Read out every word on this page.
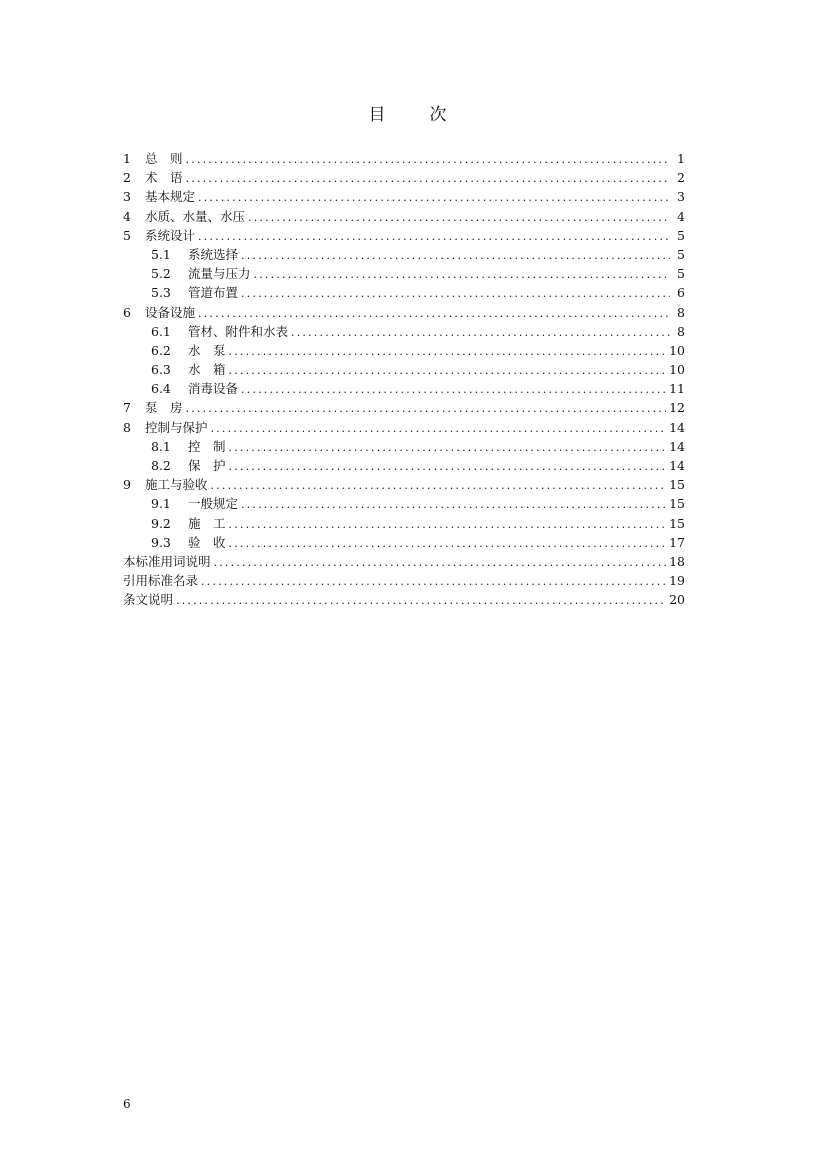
目	次
1	总　则 .....	1
2	术　语 .....	2
3	基本规定 .....	3
4	水质、水量、水压 .....	4
5	系统设计 .....	5
5.1	系统选择 .....	5
5.2	流量与压力 .....	5
5.3	管道布置 .....	6
6	设备设施 .....	8
6.1	管材、附件和水表 .....	8
6.2	水　泵 .....	10
6.3	水　箱 .....	10
6.4	消毒设备 .....	11
7	泵　房 .....	12
8	控制与保护 .....	14
8.1	控　制 .....	14
8.2	保　护 .....	14
9	施工与验收 .....	15
9.1	一般规定 .....	15
9.2	施　工 .....	15
9.3	验　收 .....	17
本标准用词说明 .....	18
引用标准名录 .....	19
条文说明 .....	20
6
